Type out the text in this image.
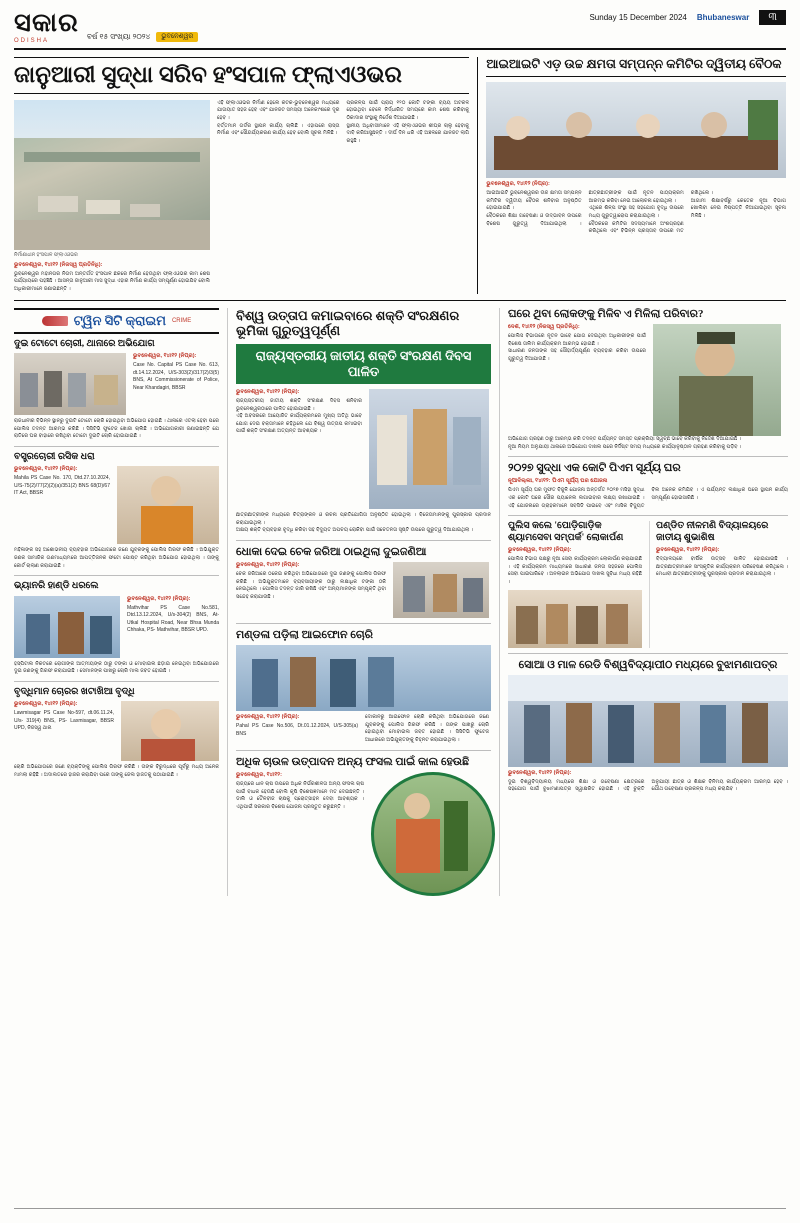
ସକାର
ODISHA	ବର୍ଷ ୧୫ ସଂଖ୍ୟା ୨୦୨୪	ଭୁବନେଶ୍ୱର
Sunday 15 December 2024 Bhubaneswar	୩
ଜାନୁଆରୀ ସୁଦ୍ଧା ସରିବ ହଂସପାଳ ଫ୍ଲାଏଓଭର
ନିର୍ମାଣାଧୀନ ହଂସପାଳ ଫ୍ଲାଏଓଭର
ଭୁବନେଶ୍ୱର, ୧୪ା୧୨ (ନିଜସ୍ୱ ପ୍ରତିନିଧି):
ଭୁବନେଶ୍ୱର ମହାନଗର ନିଗମ ଅନ୍ତର୍ଗତ ହଂସପାଳ ଛକରେ ନିର୍ମାଣ ହେଉଥିବା ଫ୍ଲାଏଓଭର କାମ ଶେଷ ପର୍ଯ୍ୟାୟରେ ପହଞ୍ଚିଛି । ଆସନ୍ତା ଜାନୁଆରୀ ମାସ ସୁଦ୍ଧା ଏହାର ନିର୍ମାଣ କାର୍ଯ୍ୟ ସମ୍ପୂର୍ଣ୍ଣ ହୋଇଯିବ ବୋଲି ଅଧିକାରୀମାନେ ଜଣାଇଛନ୍ତି ।
ଏହି ଫ୍ଲାଏଓଭର ନିର୍ମାଣ ହେଲେ କଟକ-ଭୁବନେଶ୍ୱର ମଧ୍ୟରେ ଯାତାୟାତ ସହଜ ହେବ ଏବଂ ଯାନଜଟ ସମସ୍ୟା ଅନେକାଂଶରେ ଦୂର ହେବ ।
ବର୍ତ୍ତମାନ ଗର୍ଡର ସ୍ଥାପନ କାର୍ଯ୍ୟ ଚାଲିଛି । ଏହାପରେ ରାସ୍ତା ନିର୍ମାଣ ଏବଂ ସୌନ୍ଦର୍ଯ୍ୟକରଣ କାର୍ଯ୍ୟ ହେବ ବୋଲି ସୂଚନା ମିଳିଛି ।
ପ୍ରକଳ୍ପ ପାଇଁ ପ୍ରାୟ ୧୨୦ କୋଟି ଟଙ୍କା ବ୍ୟୟ ଅଟକଳ ହୋଇଥିବା ବେଳେ ନିର୍ଦ୍ଧାରିତ ସମୟରେ କାମ ଶେଷ କରିବାକୁ ଠିକାଦାର ସଂସ୍ଥାକୁ ନିର୍ଦ୍ଦେଶ ଦିଆଯାଇଛି ।
ସ୍ଥାନୀୟ ଅଧିବାସୀମାନେ ଏହି ଫ୍ଲାଏଓଭର ଶୀଘ୍ର ଚାଲୁ ହେବାକୁ ଦାବି କରିଆସୁଛନ୍ତି । ଦୀର୍ଘ ଦିନ ଧରି ଏହି ଅଞ୍ଚଳରେ ଯାନଜଟ ଲାଗି ରହୁଛି ।
ଆଇଆଇଟି ଏଡ଼ ଉଚ୍ଚ କ୍ଷମତା ସମ୍ପନ୍ନ କମିଟିର ଦ୍ୱିତୀୟ ବୈଠକ
ଭୁବନେଶ୍ୱର, ୧୪ା୧୨ (ନିପ୍ର):
ଆଇଆଇଟି ଭୁବନେଶ୍ୱରର ଉଚ୍ଚ କ୍ଷମତା ସମ୍ପନ୍ନ କମିଟିର ଦ୍ୱିତୀୟ ବୈଠକ ଶନିବାର ଅନୁଷ୍ଠିତ ହୋଇଯାଇଛି ।
ବୈଠକରେ ଶିକ୍ଷା ଗବେଷଣା ଓ ଉଦ୍ଭାବନ ଉପରେ ବିଶେଷ ଗୁରୁତ୍ୱ ଦିଆଯାଇଥିଲା । ଛାତ୍ରଛାତ୍ରୀଙ୍କ ପାଇଁ ନୂତନ ପାଠ୍ୟକ୍ରମ ଆରମ୍ଭ କରିବା ନେଇ ଆଲୋଚନା ହୋଇଥିଲା ।
ଏଥିରେ ଶିଳ୍ପ ସଂସ୍ଥା ସହ ସହଯୋଗ ବୃଦ୍ଧି ଉପରେ ମଧ୍ୟ ଗୁରୁତ୍ୱାରୋପ କରାଯାଇଥିଲା ।
ବୈଠକରେ କମିଟିର ସଦସ୍ୟମାନେ ଅଂଶଗ୍ରହଣ କରିଥିଲେ ଏବଂ ବିଭିନ୍ନ ପ୍ରସ୍ତାବ ଉପରେ ମତ ରଖିଥିଲେ ।
ଆଗାମୀ ଶିକ୍ଷାବର୍ଷରୁ କେତେକ ନୂଆ ବିଭାଗ ଖୋଲିବା ନେଇ ନିଷ୍ପତ୍ତି ନିଆଯାଇଥିବା ସୂଚନା ମିଳିଛି ।
ଟ୍ୱିନ ସିଟି କ୍ରାଇମ CRIME
ଦୁଇ ଟୋଟୋ ଚୋରୀ, ଥାନାରେ ଅଭିଯୋଗ
ଭୁବନେଶ୍ୱର, ୧୪ା୧୨ (ନିପ୍ର):
Case No. Capital PS Case No. 613, dt.14.12.2024, U/S-303(2)/317(2)/3(5) BNS, At Commissionerate of Police, Near Khandagiri, BBSR
ରାଜଧାନୀର ବିଭିନ୍ନ ସ୍ଥାନରୁ ଦୁଇଟି ଟୋଟୋ ଚୋରି ହୋଇଥିବା ଅଭିଯୋଗ ହୋଇଛି । ଥାନାରେ ଏତଲା ହେବା ପରେ ପୋଲିସ ତଦନ୍ତ ଆରମ୍ଭ କରିଛି । ସିସିଟିଭି ଫୁଟେଜ ଖୋଜା ଚାଲିଛି । ଅଭିଯୋଗକାରୀ ଜଣାଇଛନ୍ତି ଯେ ରାତିରେ ଘର ବାହାରେ ରଖିଥିବା ଟୋଟୋ ଦୁଇଟି ଚୋରି ହୋଇଯାଇଛି ।
ବସ୍ତ୍ରଚୋରୀ ରସିକ ଧରା
ଭୁବନେଶ୍ୱର, ୧୪ା୧୨ (ନିପ୍ର):
Mahila PS Case No. 170, Dtd.27.10.2024, U/S-75(2)/77(2)(2)(a)/351(2) BNS 68(D)/67 IT Act, BBSR
ମହିଳାଙ୍କ ସହ ଅଶୋଭନୀୟ ବ୍ୟବହାର ଅଭିଯୋଗରେ ଜଣେ ଯୁବକଙ୍କୁ ପୋଲିସ ଗିରଫ କରିଛି । ଅଭିଯୁକ୍ତ ଜଣକ ସାମାଜିକ ଗଣମାଧ୍ୟମରେ ଆପତ୍ତିଜନକ ଫଟୋ ପୋଷ୍ଟ କରିଥିବା ଅଭିଯୋଗ ହୋଇଥିଲା । ତାଙ୍କୁ କୋର୍ଟ ଚାଲାଣ କରାଯାଇଛି ।
ଭ୍ୟାନରି ହାଣ୍ଡି ଧରଲେ
ଭୁବନେଶ୍ୱର, ୧୪ା୧୨ (ନିପ୍ର):
Mathvihar PS Case No.581, Dtd.13.12.2024, U/s-304(2) BNS, At- Utkal Hospital Road, Near Bhsa Munda Chhaka, PS- Mathvihar, BBSR UPD.
ହସ୍ପିଟାଲ ନିକଟରେ ରୋଗୀଙ୍କ ଆତ୍ମୀୟଙ୍କ ଠାରୁ ଟଙ୍କା ଓ ମୋବାଇଲ ଛଡ଼ାଇ ନେଇଥିବା ଅଭିଯୋଗରେ ଦୁଇ ଜଣଙ୍କୁ ଗିରଫ କରାଯାଇଛି । ସେମାନଙ୍କ ପାଖରୁ ଚୋରି ମାଲ ଜବତ ହୋଇଛି ।
ବୃଦ୍ଧିମାନ ଚୋରର ଖଟାଖିଆ ବୃଦ୍ଧି
ଭୁବନେଶ୍ୱର, ୧୪ା୧୨ (ନିପ୍ର):
Lawmisagar PS Case No-597, dt.06.11.24, U/s- 319(4) BNS, PS- Laxmisagar, BBSR UPD, ନିଜସ୍ୱ ଥାନା
ଚୋରି ଅଭିଯୋଗରେ ଜଣେ ବ୍ୟକ୍ତିଙ୍କୁ ପୋଲିସ ଗିରଫ କରିଛି । ତାଙ୍କ ବିରୁଦ୍ଧରେ ପୂର୍ବରୁ ମଧ୍ୟ ଅନେକ ମାମଲା ରହିଛି । ଅଦାଲତରେ ହାଜର କରାଯିବା ପରେ ତାଙ୍କୁ ଜେଲ ହାଜତକୁ ପଠାଯାଇଛି ।
ବିଶ୍ୱ ଉତ୍ତାପ କମାଇବାରେ ଶକ୍ତି ସଂରକ୍ଷଣର ଭୂମିକା ଗୁରୁତ୍ୱପୂର୍ଣ୍ଣ
ରାଜ୍ୟସ୍ତରୀୟ ଜାତୀୟ ଶକ୍ତି ସଂରକ୍ଷଣ ଦିବସ ପାଳିତ
ଭୁବନେଶ୍ୱର, ୧୪ା୧୨ (ନିପ୍ର):
ରାଜ୍ୟସ୍ତରୀୟ ଜାତୀୟ ଶକ୍ତି ସଂରକ୍ଷଣ ଦିବସ ଶନିବାର ଭୁବନେଶ୍ୱରଠାରେ ପାଳିତ ହୋଇଯାଇଛି ।
ଏହି ଅବସରରେ ଆୟୋଜିତ କାର୍ଯ୍ୟକ୍ରମରେ ମୁଖ୍ୟ ଅତିଥି ଭାବେ ଯୋଗ ଦେଇ ବକ୍ତାମାନେ କହିଥିଲେ ଯେ ବିଶ୍ୱ ଉତ୍ତାପ କମାଇବା ପାଇଁ ଶକ୍ତି ସଂରକ୍ଷଣ ଅତ୍ୟନ୍ତ ଆବଶ୍ୟକ ।
ଛାତ୍ରଛାତ୍ରୀଙ୍କ ମଧ୍ୟରେ ଚିତ୍ରାଙ୍କନ ଓ ରଚନା ପ୍ରତିଯୋଗିତା ଅନୁଷ୍ଠିତ ହୋଇଥିଲା । ବିଜେତାମାନଙ୍କୁ ପୁରସ୍କାର ପ୍ରଦାନ କରାଯାଇଥିଲା ।
ଅକ୍ଷୟ ଶକ୍ତି ବ୍ୟବହାର ବୃଦ୍ଧି କରିବା ସହ ବିଦ୍ୟୁତ ଅପଚୟ ରୋକିବା ପାଇଁ ସଚେତନତା ସୃଷ୍ଟି ଉପରେ ଗୁରୁତ୍ୱ ଦିଆଯାଇଥିଲା ।
ଧୋକା ଦେଇ ଚେକ ଜରିଆ ଠାଇଥିଲା ଦୁଇଜଣିଆ
ଭୁବନେଶ୍ୱର, ୧୪ା୧୨ (ନିପ୍ର):
ଚେକ ଜରିଆରେ ଠକେଇ କରିଥିବା ଅଭିଯୋଗରେ ଦୁଇ ଜଣଙ୍କୁ ପୋଲିସ ଗିରଫ କରିଛି । ଅଭିଯୁକ୍ତମାନେ ବ୍ୟବସାୟୀଙ୍କ ଠାରୁ ଲକ୍ଷାଧିକ ଟଙ୍କା ଠକି ନେଇଥିଲେ । ପୋଲିସ ତଦନ୍ତ ଜାରି ରଖିଛି ଏବଂ ଅନ୍ୟମାନଙ୍କ ସମ୍ପୃକ୍ତି ଥିବା ସନ୍ଦେହ କରାଯାଉଛି ।
ମଣ୍ଡଳା ପଡ଼ିଲା ଆଇଫୋନ ଚୋରି
ଭୁବନେଶ୍ୱର, ୧୪ା୧୨ (ନିପ୍ର):
Pahal PS Case No.506, Dt.01.12.2024, U/S-305(a) BNS
ଦୋକାନରୁ ଆଇଫୋନ ଚୋରି କରିଥିବା ଅଭିଯୋଗରେ ଜଣେ ଯୁବକଙ୍କୁ ପୋଲିସ ଗିରଫ କରିଛି । ତାଙ୍କ ପାଖରୁ ଚୋରି ହୋଇଥିବା ମୋବାଇଲ ଜବତ ହୋଇଛି । ସିସିଟିଭି ଫୁଟେଜ ଆଧାରରେ ଅଭିଯୁକ୍ତଙ୍କୁ ଚିହ୍ନଟ କରାଯାଇଥିଲା ।
ଅଧିକ ଚାଉଳ ଉତ୍ପାଦନ ଅନ୍ୟ ଫସଲ ପାଇଁ କାଲ ହେଉଛି
ଭୁବନେଶ୍ୱର, ୧୪ା୧୨:
ରାଜ୍ୟରେ ଧାନ ଚାଷ ଉପରେ ଅଧିକ ନିର୍ଭରଶୀଳତା ଅନ୍ୟ ଫସଲ ଚାଷ ପାଇଁ ବାଧକ ହେଉଛି ବୋଲି କୃଷି ବିଶେଷଜ୍ଞମାନେ ମତ ଦେଇଛନ୍ତି । ଡାଲି ଓ ତୈଳବୀଜ ଚାଷକୁ ପ୍ରୋତ୍ସାହନ ଦେବା ଆବଶ୍ୟକ । ଏଥିପାଇଁ ସରକାର ବିଶେଷ ଯୋଜନା ପ୍ରସ୍ତୁତ କରୁଛନ୍ତି ।
ଘରେ ଥିବା ଲୋକଙ୍କୁ ମିଳିବ ଏ ମିଳିଲା ପରିବାର?
ଦେଶ, ୧୪ା୧୨ (ନିଜସ୍ୱ ପ୍ରତିନିଧି):
ପୋଲିସ ବିଭାଗରେ ନୂତନ ଭାବେ ଯୋଗ ଦେଇଥିବା ଅଧିକାରୀଙ୍କ ପାଇଁ ବିଶେଷ ତାଲିମ କାର୍ଯ୍ୟକ୍ରମ ଆରମ୍ଭ ହୋଇଛି ।
ସାଧାରଣ ଜନତାଙ୍କ ସହ ସୌହାର୍ଦ୍ଦ୍ୟପୂର୍ଣ୍ଣ ବ୍ୟବହାର କରିବା ଉପରେ ଗୁରୁତ୍ୱ ଦିଆଯାଉଛି ।
ଅଭିଯୋଗ ଗ୍ରହଣ ଠାରୁ ଆରମ୍ଭ କରି ତଦନ୍ତ ପର୍ଯ୍ୟନ୍ତ ସମସ୍ତ ପ୍ରକ୍ରିୟା ସ୍ୱଚ୍ଛ ଭାବେ କରିବାକୁ ନିର୍ଦ୍ଦେଶ ଦିଆଯାଇଛି ।
ନୂଆ ନିୟମ ଅନୁଯାୟୀ ଥାନାରେ ଅଭିଯୋଗ ଦାଖଲ ପରେ ନିର୍ଦ୍ଦିଷ୍ଟ ସମୟ ମଧ୍ୟରେ କାର୍ଯ୍ୟାନୁଷ୍ଠାନ ଗ୍ରହଣ କରିବାକୁ ପଡ଼ିବ ।
୨୦୨୭ ସୁଦ୍ଧା ଏକ କୋଟି ପିଏମ ସୂର୍ଯ୍ୟ ଘର
ନୂଆଦିଲ୍ଲୀ, ୧୪ା୧୨: ପିଏମ ସୂର୍ଯ୍ୟ ଘର ଯୋଜନା
ପିଏମ ସୂର୍ଯ୍ୟ ଘର ମୁଫତ ବିଜୁଳି ଯୋଜନା ଅନ୍ତର୍ଗତ ୨୦୨୭ ମସିହା ସୁଦ୍ଧା ଏକ କୋଟି ଘରେ ସୌର ପ୍ୟାନେଲ ଲଗାଇବାର ଲକ୍ଷ୍ୟ ରଖାଯାଇଛି । ଏହି ଯୋଜନାରେ ଗ୍ରାହକମାନେ ସବସିଡି ପାଇବେ ଏବଂ ମାସିକ ବିଦ୍ୟୁତ ବିଲ ଅନେକ କମିଯିବ । ଏ ପର୍ଯ୍ୟନ୍ତ ଲକ୍ଷାଧିକ ଘରେ ସ୍ଥାପନ କାର୍ଯ୍ୟ ସମ୍ପୂର୍ଣ୍ଣ ହୋଇସାରିଛି ।
ପୁଲିସ କଲେ 'ପୋଡ଼ିଗାଡ଼ିକ ଶ୍ୟାମସେବା ସମ୍ପର୍କ' ଲୋକାର୍ପଣ
ଭୁବନେଶ୍ୱର, ୧୪ା୧୨ (ନିପ୍ର):
ପୋଲିସ ବିଭାଗ ପକ୍ଷରୁ ନୂଆ ସେବା କାର୍ଯ୍ୟକ୍ରମ ଲୋକାର୍ପଣ କରାଯାଇଛି । ଏହି କାର୍ଯ୍ୟକ୍ରମ ମାଧ୍ୟମରେ ସାଧାରଣ ଜନତା ସହଜରେ ପୋଲିସ ସେବା ପାଇପାରିବେ । ଅନଲାଇନ ଅଭିଯୋଗ ଦାଖଲ ସୁବିଧା ମଧ୍ୟ ରହିଛି ।
ପଣ୍ଡିତ ନୀଳମଣି ବିଦ୍ୟାଳୟରେ ଜାତୀୟ ଶୁଭାଶିଷ
ଭୁବନେଶ୍ୱର, ୧୪ା୧୨ (ନିପ୍ର):
ବିଦ୍ୟାଳୟରେ ବାର୍ଷିକ ଉତ୍ସବ ପାଳିତ ହୋଇଯାଇଛି । ଛାତ୍ରଛାତ୍ରୀମାନେ ସାଂସ୍କୃତିକ କାର୍ଯ୍ୟକ୍ରମ ପରିବେଷଣ କରିଥିଲେ । ମେଧାବୀ ଛାତ୍ରଛାତ୍ରୀଙ୍କୁ ପୁରସ୍କାର ପ୍ରଦାନ କରାଯାଇଥିଲା ।
ସୋଆ ଓ ମାଳ ରେଡି ବିଶ୍ୱବିଦ୍ୟାପୀଠ ମଧ୍ୟରେ ବୁଝାମଣାପତ୍ର
ଭୁବନେଶ୍ୱର, ୧୪ା୧୨ (ନିପ୍ର):
ଦୁଇ ବିଶ୍ୱବିଦ୍ୟାଳୟ ମଧ୍ୟରେ ଶିକ୍ଷା ଓ ଗବେଷଣା କ୍ଷେତ୍ରରେ ସହଯୋଗ ପାଇଁ ବୁଝାମଣାପତ୍ର ସ୍ୱାକ୍ଷରିତ ହୋଇଛି । ଏହି ଚୁକ୍ତି ଅନୁଯାୟୀ ଛାତ୍ର ଓ ଶିକ୍ଷକ ବିନିମୟ କାର୍ଯ୍ୟକ୍ରମ ଆରମ୍ଭ ହେବ । ଯୌଥ ଗବେଷଣା ପ୍ରକଳ୍ପ ମଧ୍ୟ କରାଯିବ ।
